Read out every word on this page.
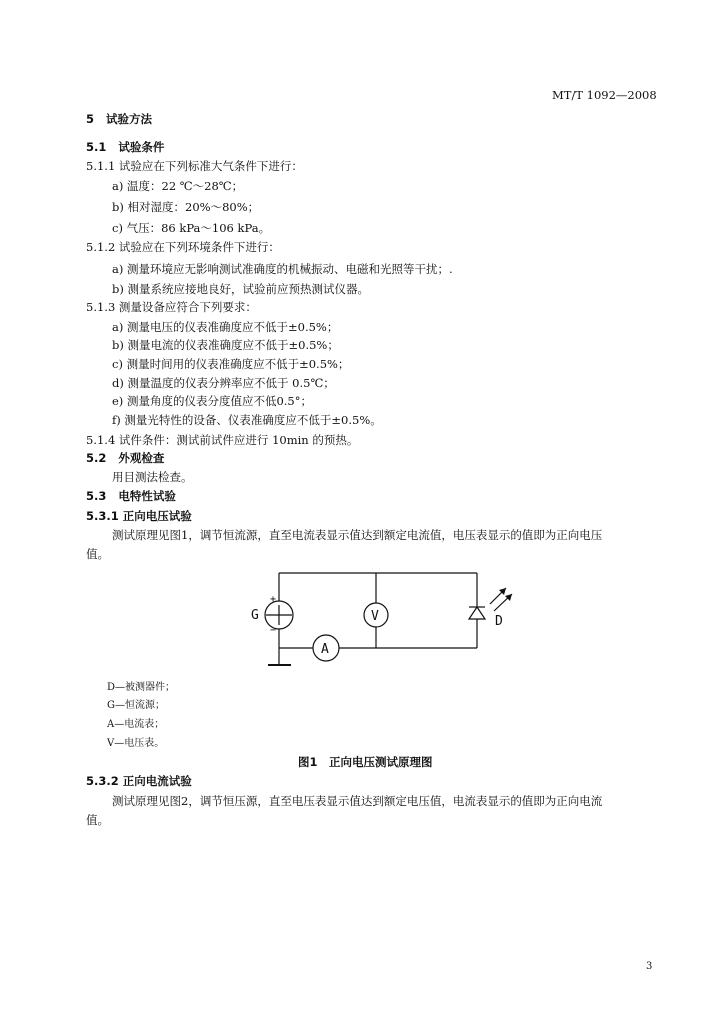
MT/T 1092—2008
5 试验方法
5.1 试验条件
5.1.1 试验应在下列标准大气条件下进行：
a) 温度：22 ℃～28℃；
b) 相对湿度：20%～80%；
c) 气压：86 kPa～106 kPa。
5.1.2 试验应在下列环境条件下进行：
a) 测量环境应无影响测试准确度的机械振动、电磁和光照等干扰；.
b) 测量系统应接地良好，试验前应预热测试仪器。
5.1.3 测量设备应符合下列要求：
a) 测量电压的仪表准确度应不低于±0.5%；
b) 测量电流的仪表准确度应不低于±0.5%；
c) 测量时间用的仪表准确度应不低于±0.5%；
d) 测量温度的仪表分辨率应不低于 0.5℃；
e) 测量角度的仪表分度值应不低0.5°；
f) 测量光特性的设备、仪表准确度应不低于±0.5%。
5.1.4 试件条件：测试前试件应进行 10min 的预热。
5.2 外观检查
用目测法检查。
5.3 电特性试验
5.3.1 正向电压试验
测试原理见图1，调节恒流源，直至电流表显示值达到额定电流值，电压表显示的值即为正向电压
值。
G	V
A
D
+
−
D—被测器件；
G—恒流源；
A—电流表；
V—电压表。
图1　正向电压测试原理图
5.3.2 正向电流试验
测试原理见图2，调节恒压源，直至电压表显示值达到额定电压值，电流表显示的值即为正向电流
值。
3
